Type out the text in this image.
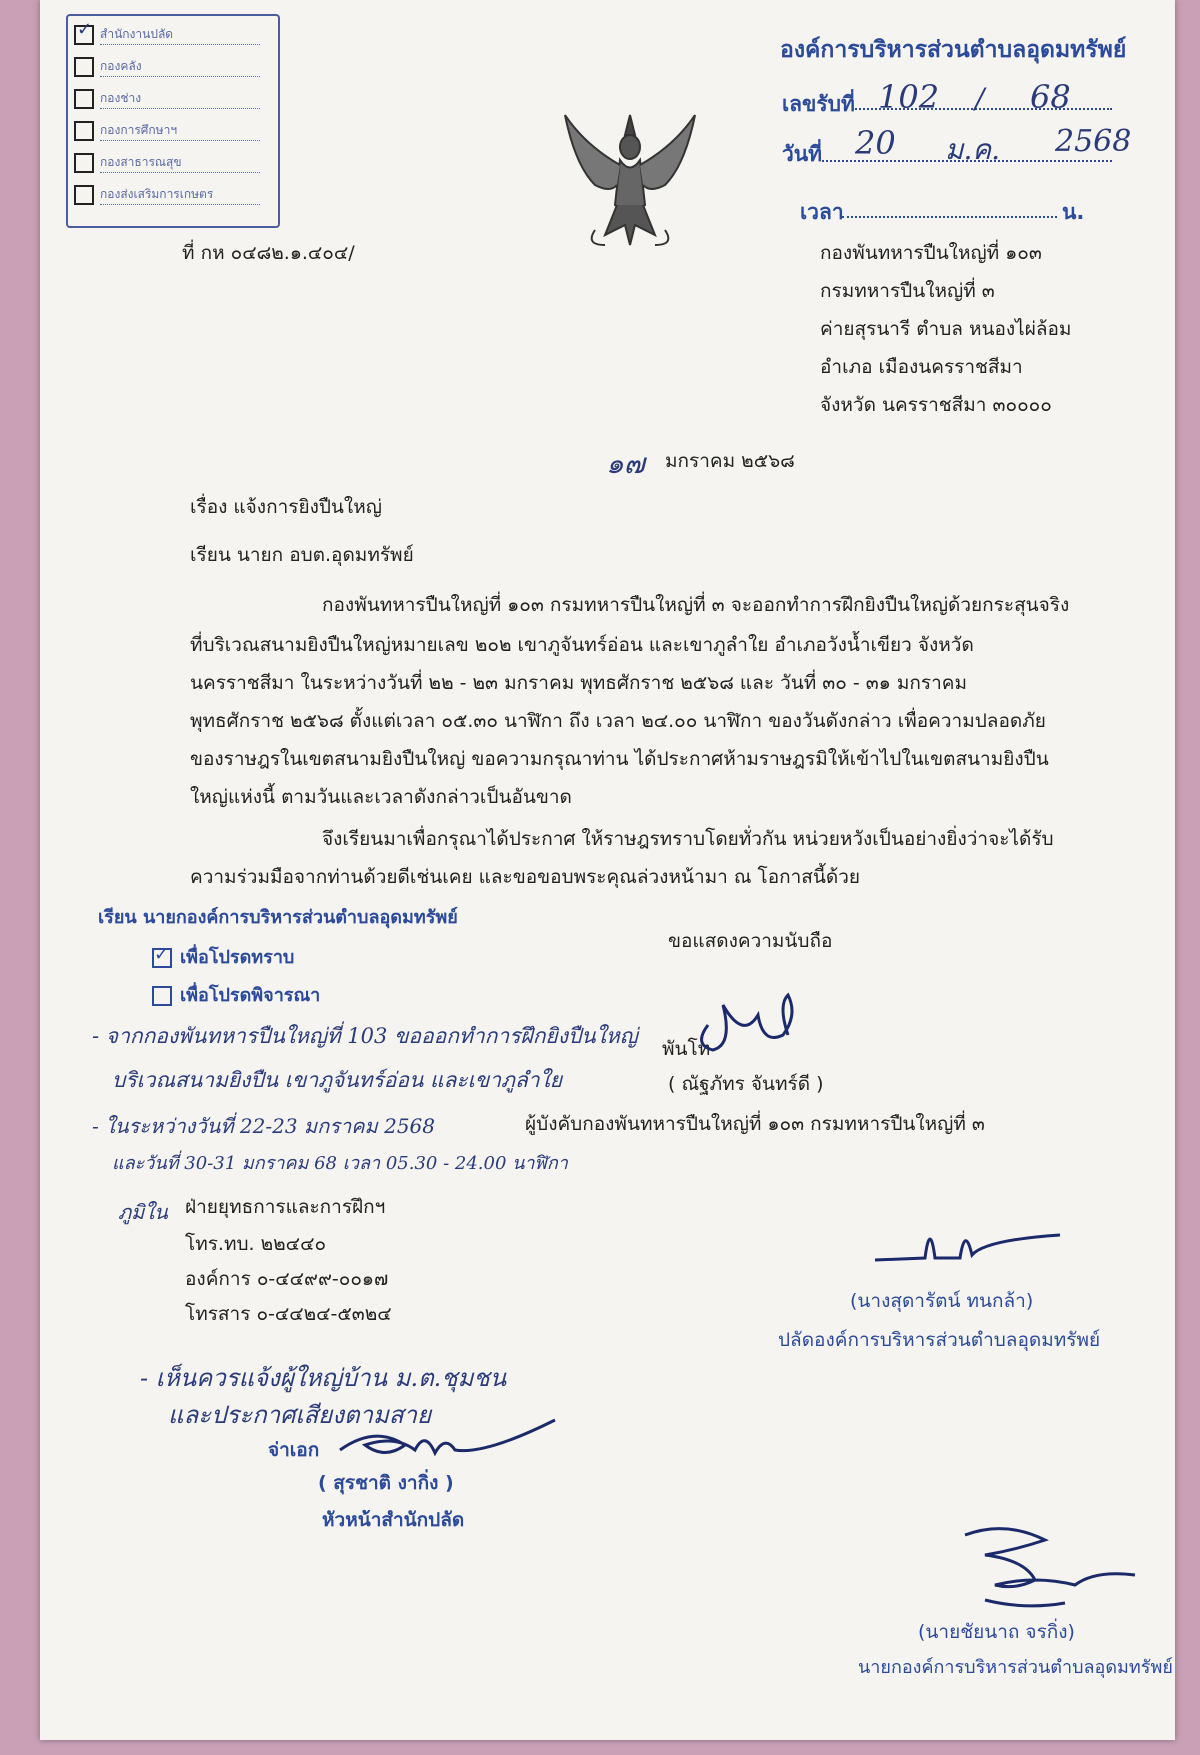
✓ สำนักงานปลัด
กองคลัง
กองช่าง
กองการศึกษาฯ
กองสาธารณสุข
กองส่งเสริมการเกษตร
องค์การบริหารส่วนตำบลอุดมทรัพย์
เลขรับที่ 102 / 68
วันที่ 20 ม.ค. 2568
เวลา	น.
ที่ กห ๐๔๘๒.๑.๔๐๔/	กองพันทหารปืนใหญ่ที่ ๑๐๓
กรมทหารปืนใหญ่ที่ ๓
ค่ายสุรนารี ตำบล หนองไผ่ล้อม
อำเภอ เมืองนครราชสีมา
จังหวัด นครราชสีมา ๓๐๐๐๐
๑๗ มกราคม ๒๕๖๘
เรื่อง แจ้งการยิงปืนใหญ่
เรียน นายก อบต.อุดมทรัพย์
กองพันทหารปืนใหญ่ที่ ๑๐๓ กรมทหารปืนใหญ่ที่ ๓ จะออกทำการฝึกยิงปืนใหญ่ด้วยกระสุนจริง
ที่บริเวณสนามยิงปืนใหญ่หมายเลข ๒๐๒ เขาภูจันทร์อ่อน และเขาภูลำใย อำเภอวังน้ำเขียว จังหวัด
นครราชสีมา ในระหว่างวันที่ ๒๒ - ๒๓ มกราคม พุทธศักราช ๒๕๖๘ และ วันที่ ๓๐ - ๓๑ มกราคม
พุทธศักราช ๒๕๖๘ ตั้งแต่เวลา ๐๕.๓๐ นาฬิกา ถึง เวลา ๒๔.๐๐ นาฬิกา ของวันดังกล่าว เพื่อความปลอดภัย
ของราษฎรในเขตสนามยิงปืนใหญ่ ขอความกรุณาท่าน ได้ประกาศห้ามราษฎรมิให้เข้าไปในเขตสนามยิงปืน
ใหญ่แห่งนี้ ตามวันและเวลาดังกล่าวเป็นอันขาด
จึงเรียนมาเพื่อกรุณาได้ประกาศ ให้ราษฎรทราบโดยทั่วกัน หน่วยหวังเป็นอย่างยิ่งว่าจะได้รับ
ความร่วมมือจากท่านด้วยดีเช่นเคย และขอขอบพระคุณล่วงหน้ามา ณ โอกาสนี้ด้วย
เรียน นายกองค์การบริหารส่วนตำบลอุดมทรัพย์
✓ เพื่อโปรดทราบ
เพื่อโปรดพิจารณา
ขอแสดงความนับถือ
- จากกองพันทหารปืนใหญ่ที่ 103 ขอออกทำการฝึกยิงปืนใหญ่
บริเวณสนามยิงปืน เขาภูจันทร์อ่อน และเขาภูลำใย
- ในระหว่างวันที่ 22-23 มกราคม 2568
และวันที่ 30-31 มกราคม 68 เวลา 05.30 - 24.00 นาฬิกา
พันโท
( ณัฐภัทร จันทร์ดี )
ผู้บังคับกองพันทหารปืนใหญ่ที่ ๑๐๓ กรมทหารปืนใหญ่ที่ ๓
ภูมิใน ฝ่ายยุทธการและการฝึกฯ
โทร.ทบ. ๒๒๔๔๐
องค์การ ๐-๔๔๙๙-๐๐๑๗
โทรสาร ๐-๔๔๒๔-๕๓๒๔
(นางสุดารัตน์ ทนกล้า)
ปลัดองค์การบริหารส่วนตำบลอุดมทรัพย์
- เห็นควรแจ้งผู้ใหญ่บ้าน ม.ต.ชุมชน
และประกาศเสียงตามสาย
จ่าเอก
( สุรชาติ งากิ่ง )
หัวหน้าสำนักปลัด
(นายชัยนาถ จรกิ่ง)
นายกองค์การบริหารส่วนตำบลอุดมทรัพย์
